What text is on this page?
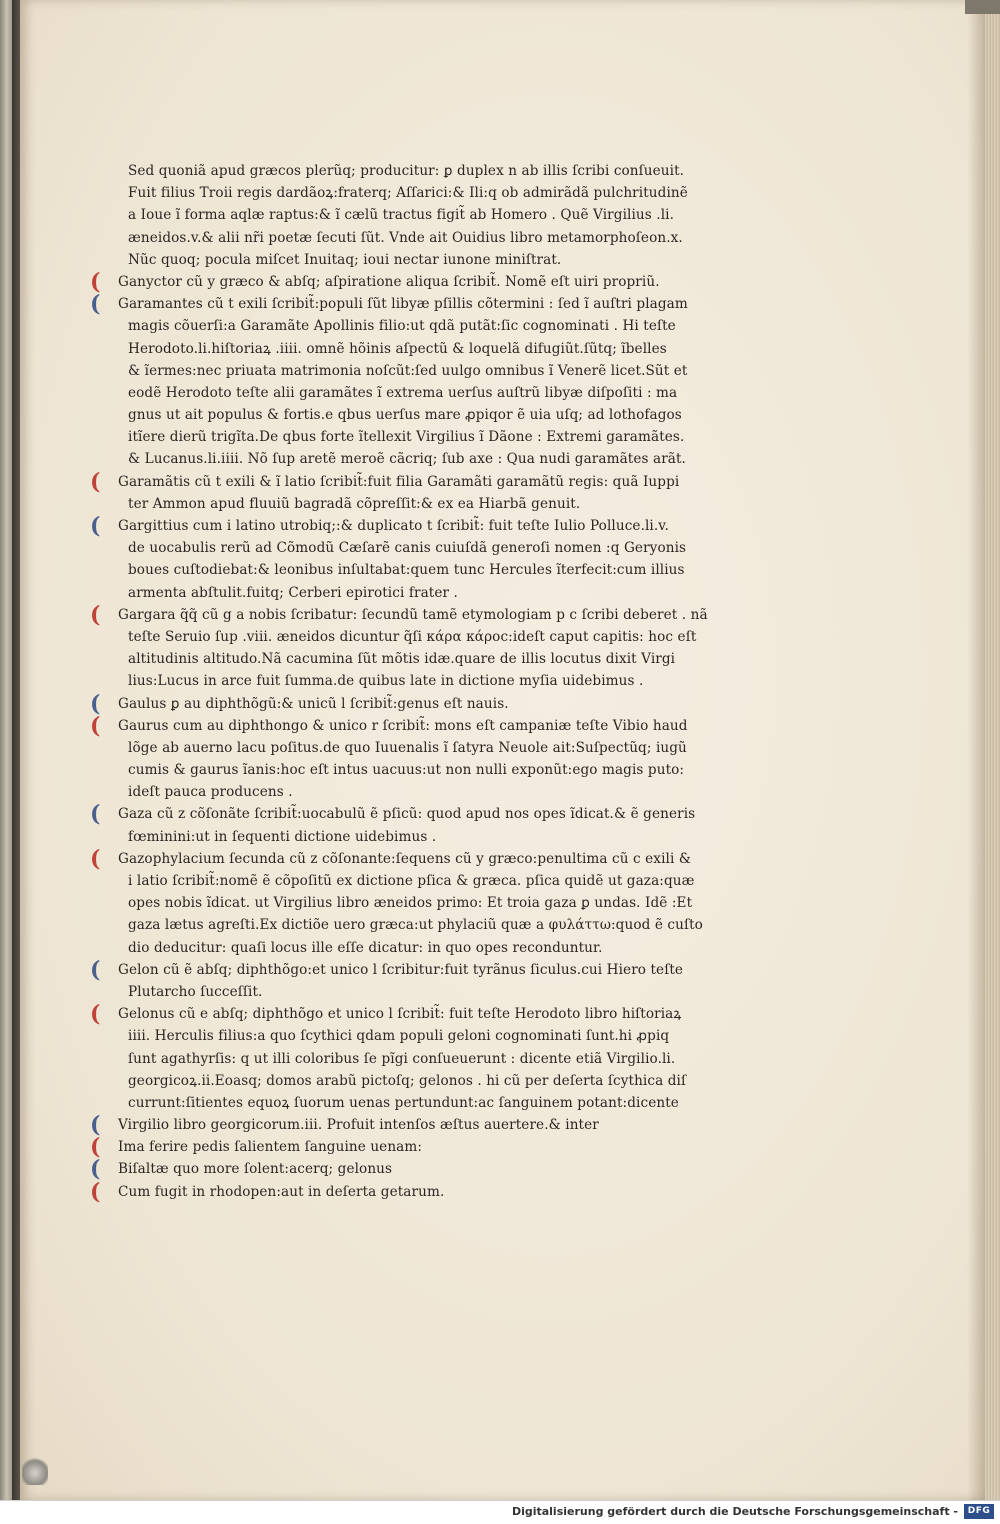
Sed quoniã apud græcos plerũq; producitur: ꝑ duplex n ab illis ſcribi conſueuit.
Fuit filius Troii regis dardãoꝝ:fraterq; Aſſarici:& Ili:q ob admirãdã pulchritudinẽ
a Ioue ĩ forma aqlæ raptus:& ĩ cælũ tractus figit̃ ab Homero . Quẽ Virgilius .li.
æneidos.v.& alii nr̃i poetæ ſecuti ſũt. Vnde ait Ouidius libro metamorphoſeon.x.
Nũc quoq; pocula miſcet Inuitaq; ioui nectar iunone miniſtrat.
(	Ganyctor cũ y græco & abſq; aſpiratione aliqua ſcribit̃. Nomẽ eſt uiri propriũ.
(	Garamantes cũ t exili ſcribit̃:populi ſũt libyæ pſillis cõtermini : ſed ĩ auſtri plagam
magis cõuerſi:a Garamãte Apollinis filio:ut qdã putãt:ſic cognominati . Hi teſte
Herodoto.li.hiſtoriaꝝ .iiii. omnẽ hõinis aſpectũ & loquelã difugiũt.ſũtq; ĩbelles
& ĩermes:nec priuata matrimonia noſcũt:ſed uulgo omnibus ĩ Venerẽ licet.Sũt et
eodẽ Herodoto teſte alii garamãtes ĩ extrema uerſus auſtrũ libyæ diſpoſiti : ma
gnus ut ait populus & fortis.e qbus uerſus mare ꝓpiqor ẽ uia uſq; ad lothofagos
itĩere dierũ trigĩta.De qbus forte ĩtellexit Virgilius ĩ Dãone : Extremi garamãtes.
& Lucanus.li.iiii. Nõ ſup aretẽ meroẽ cãcriq; ſub axe : Qua nudi garamãtes arãt.
(	Garamãtis cũ t exili & ĩ latio ſcribit̃:fuit filia Garamãti garamãtũ regis: quã Iuppi
ter Ammon apud fluuiũ bagradã cõpreſſit:& ex ea Hiarbã genuit.
(	Gargittius cum i latino utrobiq;:& duplicato t ſcribit̃: fuit teſte Iulio Polluce.li.v.
de uocabulis rerũ ad Cõmodũ Cæſarẽ canis cuiuſdã generoſi nomen :q Geryonis
boues cuſtodiebat:& leonibus inſultabat:quem tunc Hercules ĩterfecit:cum illius
armenta abſtulit.fuitq; Cerberi epirotici frater .
(	Gargara q̃q̃ cũ g a nobis ſcribatur: ſecundũ tamẽ etymologiam p c ſcribi deberet . nã
teſte Seruio ſup .viii. æneidos dicuntur q̃ſi κάρα κάροϲ:ideſt caput capitis: hoc eſt
altitudinis altitudo.Nã cacumina ſũt mõtis idæ.quare de illis locutus dixit Virgi
lius:Lucus in arce fuit ſumma.de quibus late in dictione myſia uidebimus .
(	Gaulus ꝑ au diphthõgũ:& unicũ l ſcribit̃:genus eſt nauis.
(	Gaurus cum au diphthongo & unico r ſcribit̃: mons eſt campaniæ teſte Vibio haud
lõge ab auerno lacu poſitus.de quo Iuuenalis ĩ ſatyra Neuole ait:Suſpectũq; iugũ
cumis & gaurus ĩanis:hoc eſt intus uacuus:ut non nulli exponũt:ego magis puto:
ideſt pauca producens .
(	Gaza cũ z cõſonãte ſcribit̃:uocabulũ ẽ pſicũ: quod apud nos opes ĩdicat.& ẽ generis
fœminini:ut in ſequenti dictione uidebimus .
(	Gazophylacium ſecunda cũ z cõſonante:ſequens cũ y græco:penultima cũ c exili &
i latio ſcribit̃:nomẽ ẽ cõpoſitũ ex dictione pſica & græca. pſica quidẽ ut gaza:quæ
opes nobis ĩdicat. ut Virgilius libro æneidos primo: Et troia gaza ꝑ undas. Idẽ :Et
gaza lætus agreſti.Ex dictiõe uero græca:ut phylaciũ quæ a φυλάττω:quod ẽ cuſto
dio deducitur: quaſi locus ille eſſe dicatur: in quo opes reconduntur.
(	Gelon cũ ẽ abſq; diphthõgo:et unico l ſcribitur:fuit tyrãnus ſiculus.cui Hiero teſte
Plutarcho ſucceſſit.
(	Gelonus cũ e abſq; diphthõgo et unico l ſcribit̃: fuit teſte Herodoto libro hiſtoriaꝝ
iiii. Herculis filius:a quo ſcythici qdam populi geloni cognominati ſunt.hi ꝓpiq
ſunt agathyrſis: q ut illi coloribus ſe pĩgi conſueuerunt : dicente etiã Virgilio.li.
georgicoꝝ.ii.Eoasq; domos arabũ pictoſq; gelonos . hi cũ per deſerta ſcythica diſ
currunt:ſitientes equoꝝ ſuorum uenas pertundunt:ac ſanguinem potant:dicente
(	Virgilio libro georgicorum.iii. Profuit intenſos æſtus auertere.& inter
(	Ima ferire pedis ſalientem ſanguine uenam:
(	Biſaltæ quo more ſolent:acerq; gelonus
(	Cum fugit in rhodopen:aut in deſerta getarum.
Digitalisierung gefördert durch die Deutsche Forschungsgemeinschaft -	DFG
